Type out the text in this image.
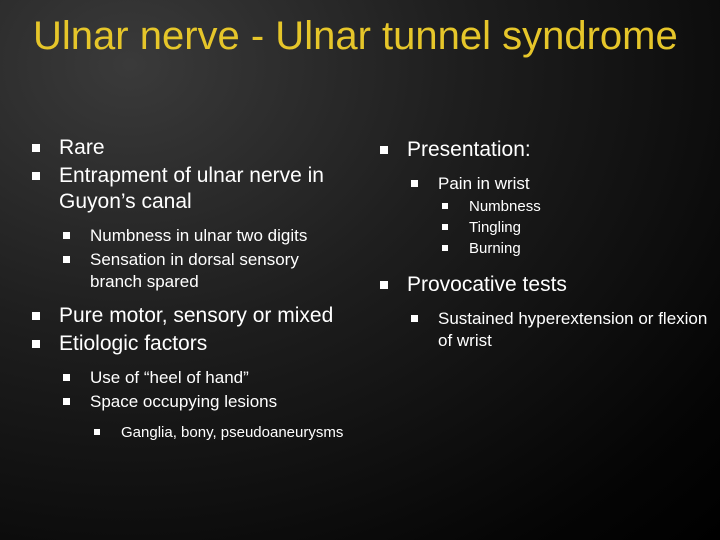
Ulnar nerve - Ulnar tunnel syndrome
Rare
Entrapment of ulnar nerve in Guyon’s canal
Numbness in ulnar two digits
Sensation in dorsal sensory branch spared
Pure motor, sensory or mixed
Etiologic factors
Use of “heel of hand”
Space occupying lesions
Ganglia, bony, pseudoaneurysms
Presentation:
Pain in wrist
Numbness
Tingling
Burning
Provocative tests
Sustained hyperextension or flexion of wrist
